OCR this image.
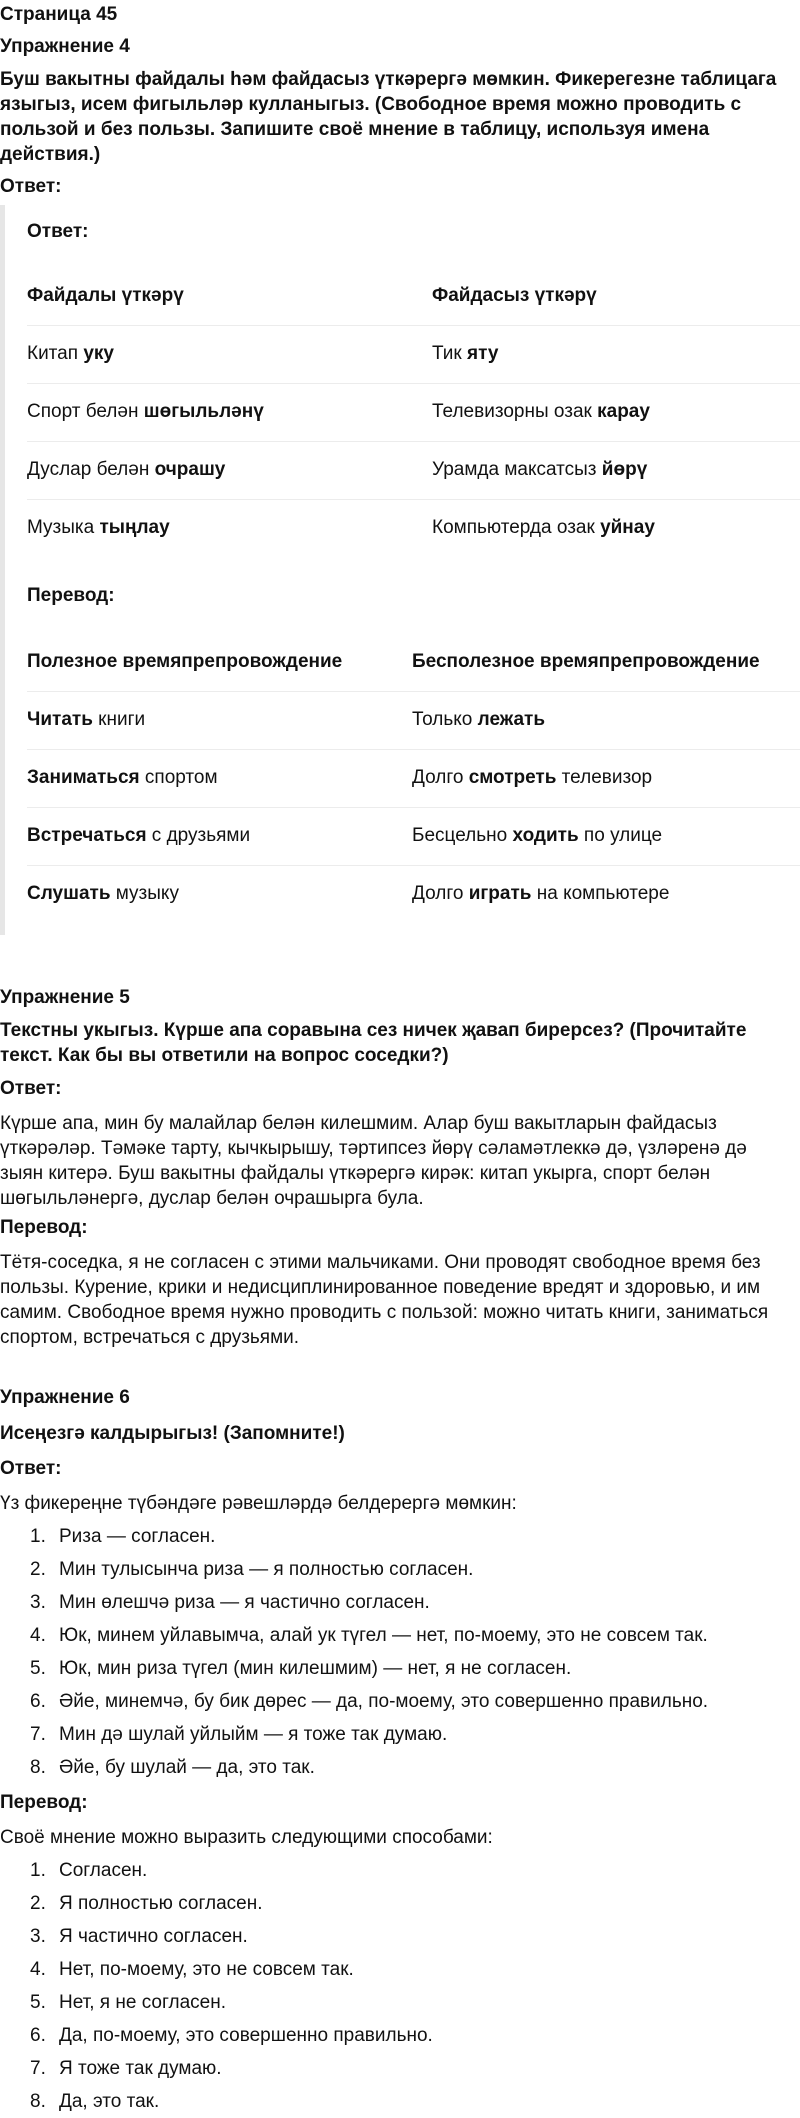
Страница 45
Упражнение 4
Буш вакытны файдалы һәм файдасыз үткәрергә мөмкин. Фикерегезне таблицага языгыз, исем фигыльләр кулланыгыз. (Свободное время можно проводить с пользой и без пользы. Запишите своё мнение в таблицу, используя имена действия.)
Ответ:
Ответ:
Файдалы үткәрү	Файдасыз үткәрү
Китап уку	Тик яту
Спорт белән шөгыльләнү	Телевизорны озак карау
Дуслар белән очрашу	Урамда максатсыз йөрү
Музыка тыңлау	Компьютерда озак уйнау
Перевод:
Полезное времяпрепровождение	Бесполезное времяпрепровождение
Читать книги	Только лежать
Заниматься спортом	Долго смотреть телевизор
Встречаться с друзьями	Бесцельно ходить по улице
Слушать музыку	Долго играть на компьютере
Упражнение 5
Текстны укыгыз. Күрше апа соравына сез ничек җавап бирерсез? (Прочитайте текст. Как бы вы ответили на вопрос соседки?)
Ответ:
Күрше апа, мин бу малайлар белән килешмим. Алар буш вакытларын файдасыз үткәрәләр. Тәмәке тарту, кычкырышу, тәртипсез йөрү сәламәтлеккә дә, үзләренә дә зыян китерә. Буш вакытны файдалы үткәрергә кирәк: китап укырга, спорт белән шөгыльләнергә, дуслар белән очрашырга була.
Перевод:
Тётя-соседка, я не согласен с этими мальчиками. Они проводят свободное время без пользы. Курение, крики и недисциплинированное поведение вредят и здоровью, и им самим. Свободное время нужно проводить с пользой: можно читать книги, заниматься спортом, встречаться с друзьями.
Упражнение 6
Исеңезгә калдырыгыз! (Запомните!)
Ответ:
Үз фикереңне түбәндәге рәвешләрдә белдерергә мөмкин:
1. Риза — согласен.
2. Мин тулысынча риза — я полностью согласен.
3. Мин өлешчә риза — я частично согласен.
4. Юк, минем уйлавымча, алай ук түгел — нет, по-моему, это не совсем так.
5. Юк, мин риза түгел (мин килешмим) — нет, я не согласен.
6. Әйе, минемчә, бу бик дөрес — да, по-моему, это совершенно правильно.
7. Мин дә шулай уйлыйм — я тоже так думаю.
8. Әйе, бу шулай — да, это так.
Перевод:
Своё мнение можно выразить следующими способами:
1. Согласен.
2. Я полностью согласен.
3. Я частично согласен.
4. Нет, по-моему, это не совсем так.
5. Нет, я не согласен.
6. Да, по-моему, это совершенно правильно.
7. Я тоже так думаю.
8. Да, это так.
